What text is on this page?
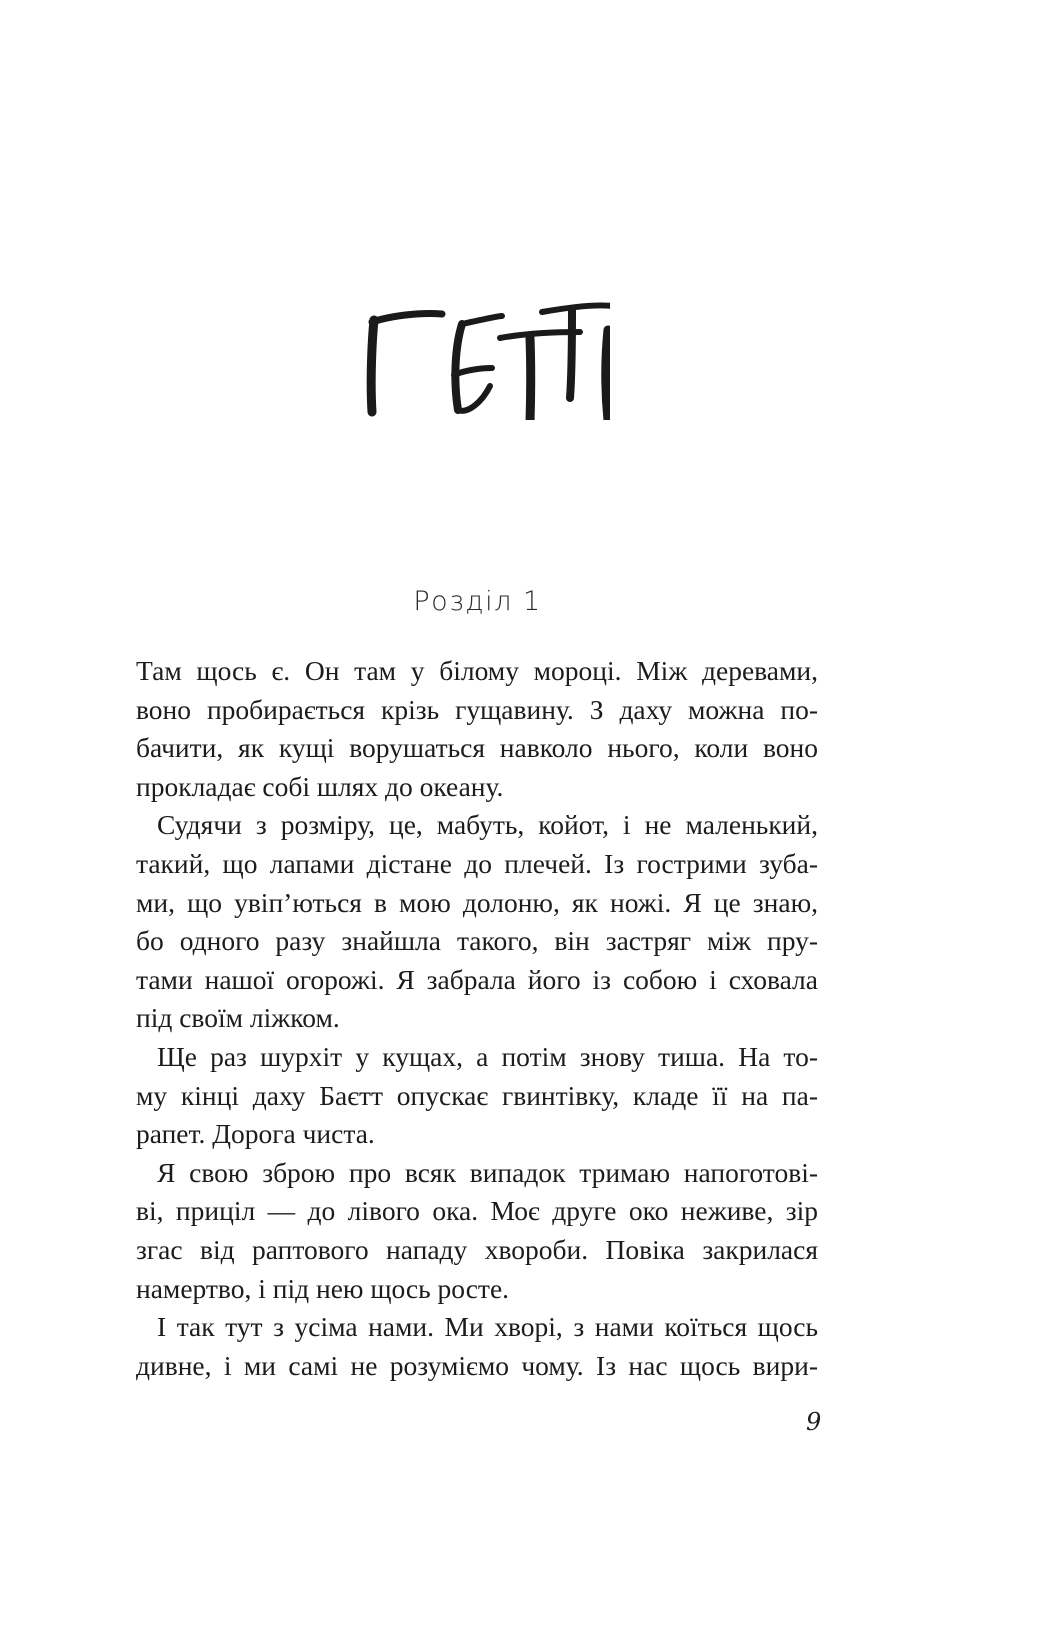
Розділ 1

Там щось є. Он там у білому мороці. Між деревами,
воно пробирається крізь гущавину. З даху можна по-
бачити, як кущі ворушаться навколо нього, коли воно
прокладає собі шлях до океану.

Судячи з розміру, це, мабуть, койот, і не маленький,
такий, що лапами дістане до плечей. Із гострими зуба-
ми, що увіп’ються в мою долоню, як ножі. Я це знаю,
бо одного разу знайшла такого, він застряг між пру-
тами нашої огорожі. Я забрала його із собою і сховала
під своїм ліжком.

Ще раз шурхіт у кущах, а потім знову тиша. На то-
му кінці даху Баєтт опускає гвинтівку, кладе її на па-
рапет. Дорога чиста.

Я свою зброю про всяк випадок тримаю напоготові-
ві, приціл — до лівого ока. Моє друге око неживе, зір
згас від раптового нападу хвороби. Повіка закрилася
намертво, і під нею щось росте.

І так тут з усіма нами. Ми хворі, з нами коїться щось
дивне, і ми самі не розуміємо чому. Із нас щось вири-

9
